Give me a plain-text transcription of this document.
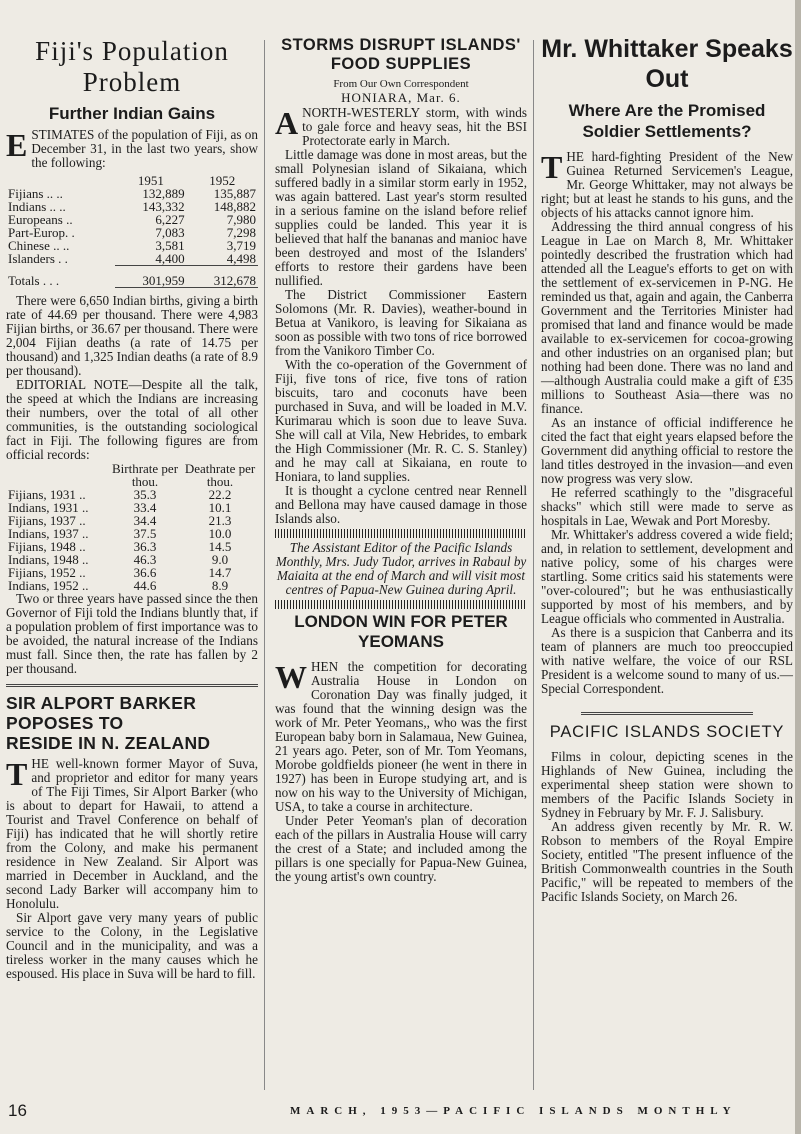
Fiji's Population
Problem
Further Indian Gains

ESTIMATES of the population of Fiji, as on December 31, in the last two years, show the following:

	1951	1952
Fijians .. ..	132,889	135,887
Indians .. ..	143,332	148,882
Europeans ..	6,227	7,980
Part-Europ. .	7,083	7,298
Chinese .. ..	3,581	3,719
Islanders . .	4,400	4,498
Totals . . .	301,959	312,678

There were 6,650 Indian births, giving a birth rate of 44.69 per thousand. There were 4,983 Fijian births, or 36.67 per thousand. There were 2,004 Fijian deaths (a rate of 14.75 per thousand) and 1,325 Indian deaths (a rate of 8.9 per thousand).

EDITORIAL NOTE—Despite all the talk, the speed at which the Indians are increasing their numbers, over the total of all other communities, is the outstanding sociological fact in Fiji. The following figures are from official records:

	Birthrate per thou.	Deathrate per thou.
Fijians, 1931 ..	35.3	22.2
Indians, 1931 ..	33.4	10.1
Fijians, 1937 ..	34.4	21.3
Indians, 1937 ..	37.5	10.0
Fijians, 1948 ..	36.3	14.5
Indians, 1948 ..	46.3	9.0
Fijians, 1952 ..	36.6	14.7
Indians, 1952 ..	44.6	8.9

Two or three years have passed since the then Governor of Fiji told the Indians bluntly that, if a population problem of first importance was to be avoided, the natural increase of the Indians must fall. Since then, the rate has fallen by 2 per thousand.

SIR ALPORT BARKER
POPOSES TO
RESIDE IN N. ZEALAND

THE well-known former Mayor of Suva, and proprietor and editor for many years of The Fiji Times, Sir Alport Barker (who is about to depart for Hawaii, to attend a Tourist and Travel Conference on behalf of Fiji) has indicated that he will shortly retire from the Colony, and make his permanent residence in New Zealand. Sir Alport was married in December in Auckland, and the second Lady Barker will accompany him to Honolulu.

Sir Alport gave very many years of public service to the Colony, in the Legislative Council and in the municipality, and was a tireless worker in the many causes which he espoused. His place in Suva will be hard to fill.

STORMS DISRUPT ISLANDS'
FOOD SUPPLIES

From Our Own Correspondent

HONIARA, Mar. 6.

ANORTH-WESTERLY storm, with winds to gale force and heavy seas, hit the BSI Protectorate early in March.

Little damage was done in most areas, but the small Polynesian island of Sikaiana, which suffered badly in a similar storm early in 1952, was again battered. Last year's storm resulted in a serious famine on the island before relief supplies could be landed. This year it is believed that half the bananas and manioc have been destroyed and most of the Islanders' efforts to restore their gardens have been nullified.

The District Commissioner Eastern Solomons (Mr. R. Davies), weather-bound in Betua at Vanikoro, is leaving for Sikaiana as soon as possible with two tons of rice borrowed from the Vanikoro Timber Co.

With the co-operation of the Government of Fiji, five tons of rice, five tons of ration biscuits, taro and coconuts have been purchased in Suva, and will be loaded in M.V. Kurimarau which is soon due to leave Suva. She will call at Vila, New Hebrides, to embark the High Commissioner (Mr. R. C. S. Stanley) and he may call at Sikaiana, en route to Honiara, to land supplies.

It is thought a cyclone centred near Rennell and Bellona may have caused damage in those Islands also.

The Assistant Editor of the Pacific Islands Monthly, Mrs. Judy Tudor, arrives in Rabaul by Maiaita at the end of March and will visit most centres of Papua-New Guinea during April.

LONDON WIN FOR PETER
YEOMANS

WHEN the competition for decorating Australia House in London on Coronation Day was finally judged, it was found that the winning design was the work of Mr. Peter Yeomans,, who was the first European baby born in Salamaua, New Guinea, 21 years ago. Peter, son of Mr. Tom Yeomans, Morobe goldfields pioneer (he went in there in 1927) has been in Europe studying art, and is now on his way to the University of Michigan, USA, to take a course in architecture.

Under Peter Yeoman's plan of decoration each of the pillars in Australia House will carry the crest of a State; and included among the pillars is one specially for Papua-New Guinea, the young artist's own country.

Mr. Whittaker Speaks
Out
Where Are the Promised
Soldier Settlements?

THE hard-fighting President of the New Guinea Returned Servicemen's League, Mr. George Whittaker, may not always be right; but at least he stands to his guns, and the objects of his attacks cannot ignore him.

Addressing the third annual congress of his League in Lae on March 8, Mr. Whittaker pointedly described the frustration which had attended all the League's efforts to get on with the settlement of ex-servicemen in P-NG. He reminded us that, again and again, the Canberra Government and the Territories Minister had promised that land and finance would be made available to ex-servicemen for cocoa-growing and other industries on an organised plan; but nothing had been done. There was no land and—although Australia could make a gift of £35 millions to Southeast Asia—there was no finance.

As an instance of official indifference he cited the fact that eight years elapsed before the Government did anything official to restore the land titles destroyed in the invasion—and even now progress was very slow.

He referred scathingly to the "disgraceful shacks" which still were made to serve as hospitals in Lae, Wewak and Port Moresby.

Mr. Whittaker's address covered a wide field; and, in relation to settlement, development and native policy, some of his charges were startling. Some critics said his statements were "over-coloured"; but he was enthusiastically supported by most of his members, and by League officials who commented in Australia.

As there is a suspicion that Canberra and its team of planners are much too preoccupied with native welfare, the voice of our RSL President is a welcome sound to many of us.—Special Correspondent.

PACIFIC ISLANDS SOCIETY

Films in colour, depicting scenes in the Highlands of New Guinea, including the experimental sheep station were shown to members of the Pacific Islands Society in Sydney in February by Mr. F. J. Salisbury.

An address given recently by Mr. R. W. Robson to members of the Royal Empire Society, entitled "The present influence of the British Commonwealth countries in the South Pacific," will be repeated to members of the Pacific Islands Society, on March 26.

16	MARCH, 1953—PACIFIC ISLANDS MONTHLY
